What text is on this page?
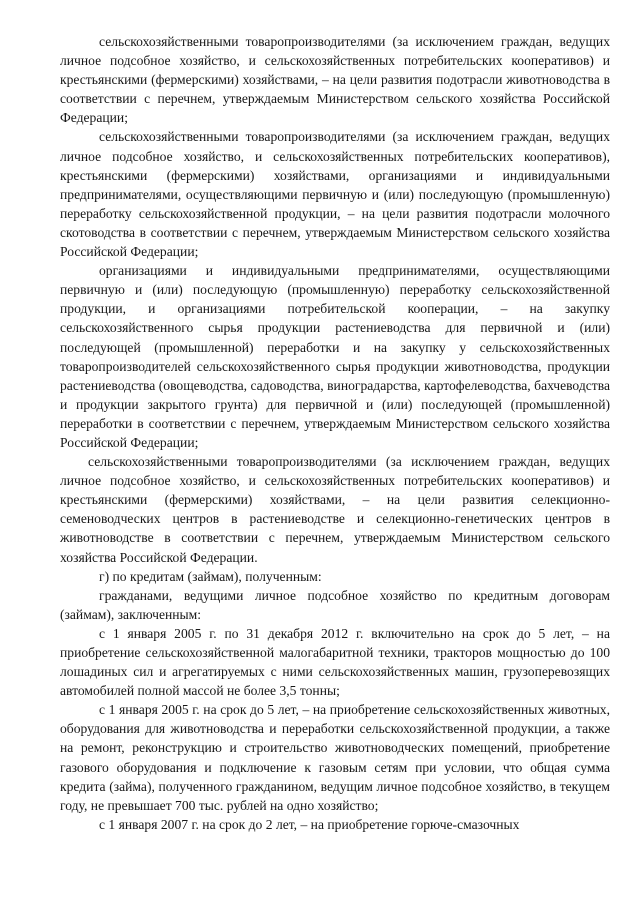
сельскохозяйственными товаропроизводителями (за исключением граждан, ведущих личное подсобное хозяйство, и сельскохозяйственных потребительских кооперативов) и крестьянскими (фермерскими) хозяйствами, – на цели развития подотрасли животноводства в соответствии с перечнем, утверждаемым Министерством сельского хозяйства Российской Федерации;

сельскохозяйственными товаропроизводителями (за исключением граждан, ведущих личное подсобное хозяйство, и сельскохозяйственных потребительских кооперативов), крестьянскими (фермерскими) хозяйствами, организациями и индивидуальными предпринимателями, осуществляющими первичную и (или) последующую (промышленную) переработку сельскохозяйственной продукции, – на цели развития подотрасли молочного скотоводства в соответствии с перечнем, утверждаемым Министерством сельского хозяйства Российской Федерации;

организациями и индивидуальными предпринимателями, осуществляющими первичную и (или) последующую (промышленную) переработку сельскохозяйственной продукции, и организациями потребительской кооперации, – на закупку сельскохозяйственного сырья продукции растениеводства для первичной и (или) последующей (промышленной) переработки и на закупку у сельскохозяйственных товаропроизводителей сельскохозяйственного сырья продукции животноводства, продукции растениеводства (овощеводства, садоводства, виноградарства, картофелеводства, бахчеводства и продукции закрытого грунта) для первичной и (или) последующей (промышленной) переработки в соответствии с перечнем, утверждаемым Министерством сельского хозяйства Российской Федерации;

сельскохозяйственными товаропроизводителями (за исключением граждан, ведущих личное подсобное хозяйство, и сельскохозяйственных потребительских кооперативов) и крестьянскими (фермерскими) хозяйствами, – на цели развития селекционно-семеноводческих центров в растениеводстве и селекционно-генетических центров в животноводстве в соответствии с перечнем, утверждаемым Министерством сельского хозяйства Российской Федерации.

г) по кредитам (займам), полученным:

гражданами, ведущими личное подсобное хозяйство по кредитным договорам (займам), заключенным:

с 1 января 2005 г. по 31 декабря 2012 г. включительно на срок до 5 лет, – на приобретение сельскохозяйственной малогабаритной техники, тракторов мощностью до 100 лошадиных сил и агрегатируемых с ними сельскохозяйственных машин, грузоперевозящих автомобилей полной массой не более 3,5 тонны;

с 1 января 2005 г. на срок до 5 лет, – на приобретение сельскохозяйственных животных, оборудования для животноводства и переработки сельскохозяйственной продукции, а также на ремонт, реконструкцию и строительство животноводческих помещений, приобретение газового оборудования и подключение к газовым сетям при условии, что общая сумма кредита (займа), полученного гражданином, ведущим личное подсобное хозяйство, в текущем году, не превышает 700 тыс. рублей на одно хозяйство;

с 1 января 2007 г. на срок до 2 лет, – на приобретение горюче-смазочных
